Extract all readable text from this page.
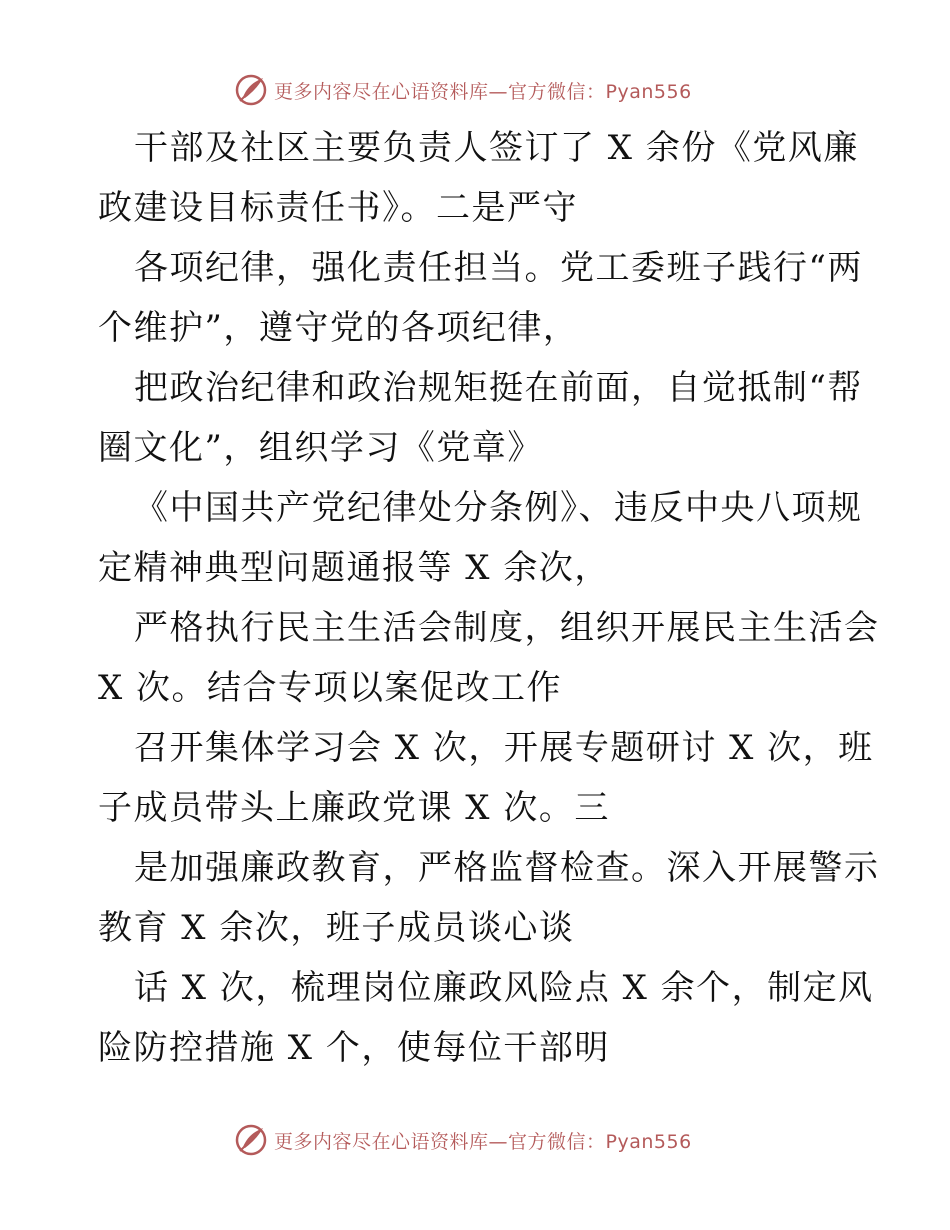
更多内容尽在心语资料库—官方微信：Pyan556
干部及社区主要负责人签订了 X 余份《党风廉
政建设目标责任书》。二是严守
各项纪律，强化责任担当。党工委班子践行“两
个维护”，遵守党的各项纪律，
把政治纪律和政治规矩挺在前面，自觉抵制“帮
圈文化”，组织学习《党章》
《中国共产党纪律处分条例》、违反中央八项规
定精神典型问题通报等 X 余次，
严格执行民主生活会制度，组织开展民主生活会
X 次。结合专项以案促改工作
召开集体学习会 X 次，开展专题研讨 X 次，班
子成员带头上廉政党课 X 次。三
是加强廉政教育，严格监督检查。深入开展警示
教育 X 余次，班子成员谈心谈
话 X 次，梳理岗位廉政风险点 X 余个，制定风
险防控措施 X 个，使每位干部明
更多内容尽在心语资料库—官方微信：Pyan556
